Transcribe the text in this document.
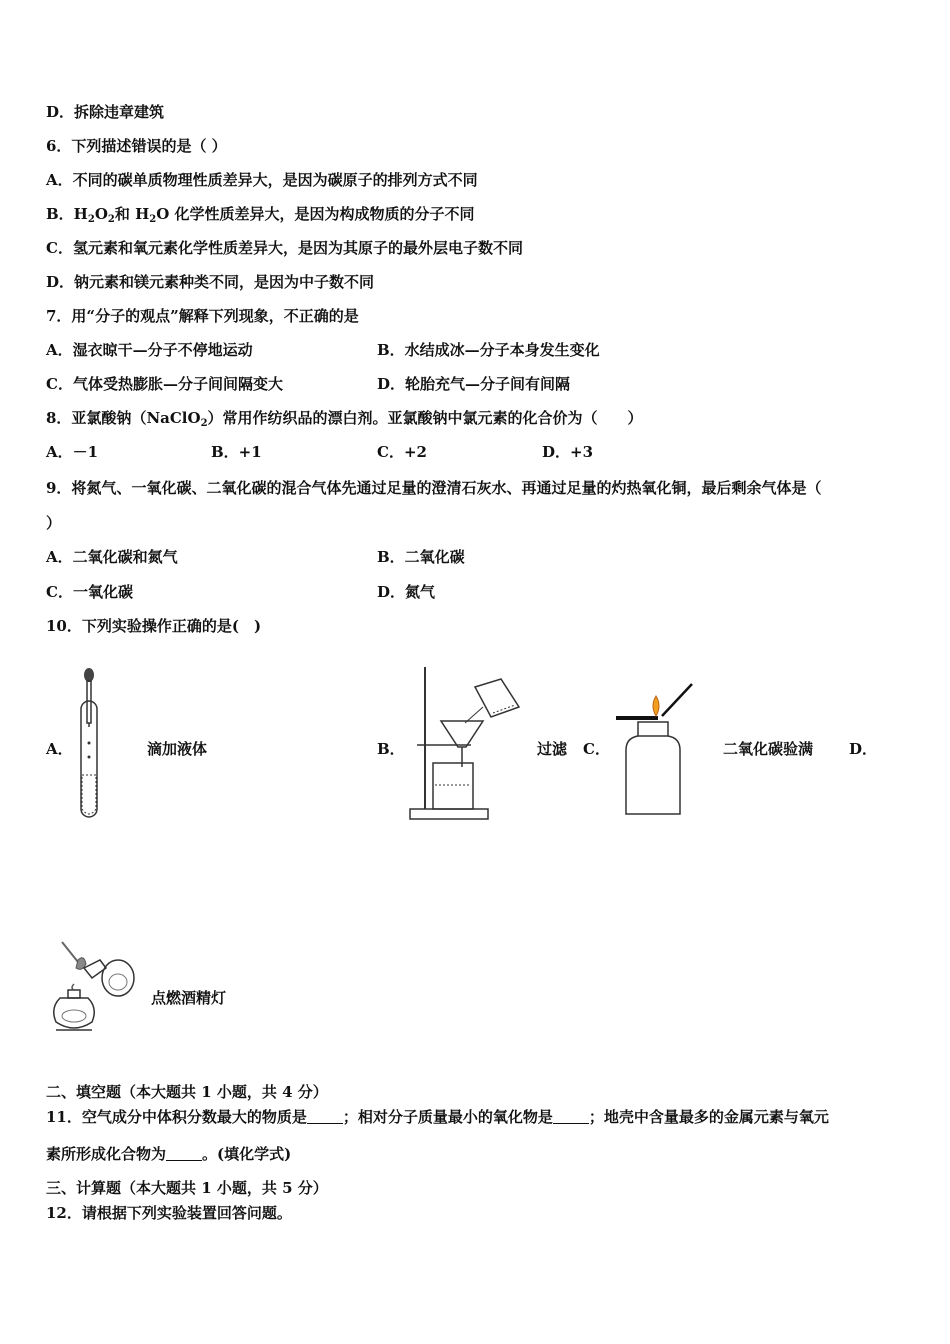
D．拆除违章建筑
6．下列描述错误的是（ ）
A．不同的碳单质物理性质差异大，是因为碳原子的排列方式不同
B．$H_2O_2$和 $H_2O$ 化学性质差异大，是因为构成物质的分子不同
C．氢元素和氧元素化学性质差异大，是因为其原子的最外层电子数不同
D．钠元素和镁元素种类不同，是因为中子数不同
7．用“分子的观点”解释下列现象，不正确的是
A．湿衣晾干—分子不停地运动	B．水结成冰—分子本身发生变化
C．气体受热膨胀—分子间间隔变大	D．轮胎充气—分子间有间隔
8．亚氯酸钠（NaClO$_2$）常用作纺织品的漂白剂。亚氯酸钠中氯元素的化合价为（　　）
A．－1	B．+1	C．+2	D．+3
9．将氮气、一氧化碳、二氧化碳的混合气体先通过足量的澄清石灰水、再通过足量的灼热氧化铜，最后剩余气体是（
）
A．二氧化碳和氮气	B．二氧化碳
C．一氧化碳	D．氮气
10．下列实验操作正确的是(　)
A．	滴加液体	B．	过滤 C．	二氧化碳验满 D．
点燃酒精灯
二、填空题（本大题共 1 小题，共 4 分）
11．空气成分中体积分数最大的物质是 ；相对分子质量最小的氧化物是 ；地壳中含量最多的金属元素与氧元
素所形成化合物为 。(填化学式)
三、计算题（本大题共 1 小题，共 5 分）
12．请根据下列实验装置回答问题。
